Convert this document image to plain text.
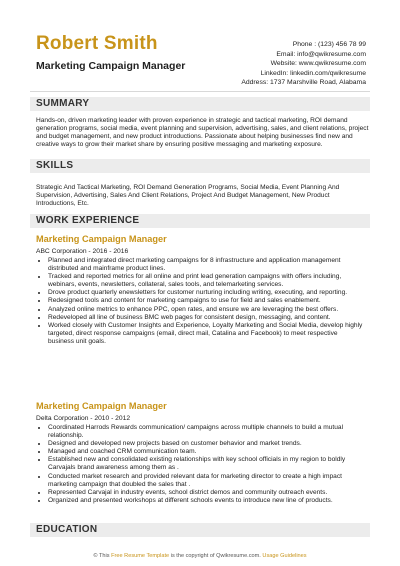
Robert Smith
Marketing Campaign Manager
Phone : (123) 456 78 99
Email: info@qwikresume.com
Website: www.qwikresume.com
LinkedIn: linkedin.com/qwikresume
Address: 1737 Marshville Road, Alabama
SUMMARY
Hands-on, driven marketing leader with proven experience in strategic and tactical marketing, ROI demand generation programs, social media, event planning and supervision, advertising, sales, and client relations, project and budget management, and new product introductions. Passionate about helping businesses find new and creative ways to grow their market share by ensuring positive messaging and marketing exposure.
SKILLS
Strategic And Tactical Marketing, ROI Demand Generation Programs, Social Media, Event Planning And Supervision, Advertising, Sales And Client Relations, Project And Budget Management, New Product Introductions, Etc.
WORK EXPERIENCE
Marketing Campaign Manager
ABC Corporation - 2016 - 2016
• Planned and integrated direct marketing campaigns for 8 infrastructure and application management distributed and mainframe product lines.
• Tracked and reported metrics for all online and print lead generation campaigns with offers including, webinars, events, newsletters, collateral, sales tools, and telemarketing services.
• Drove product quarterly enewsletters for customer nurturing including writing, executing, and reporting.
• Redesigned tools and content for marketing campaigns to use for field and sales enablement.
• Analyzed online metrics to enhance PPC, open rates, and ensure we are leveraging the best offers.
• Redeveloped all line of business BMC web pages for consistent design, messaging, and content.
• Worked closely with Customer Insights and Experience, Loyalty Marketing and Social Media, develop highly targeted, direct response campaigns (email, direct mail, Catalina and Facebook) to meet respective business unit goals.
Marketing Campaign Manager
Delta Corporation - 2010 - 2012
• Coordinated Harrods Rewards communication/ campaigns across multiple channels to build a mutual relationship.
• Designed and developed new projects based on customer behavior and market trends.
• Managed and coached CRM communication team.
• Established new and consolidated existing relationships with key school officials in my region to boldly Carvajals brand awareness among them as .
• Conducted market research and provided relevant data for marketing director to create a high impact marketing campaign that doubled the sales that .
• Represented Carvajal in industry events, school district demos and community outreach events.
• Organized and presented workshops at different schools events to introduce new line of products.
EDUCATION
© This Free Resume Template is the copyright of Qwikresume.com. Usage Guidelines
